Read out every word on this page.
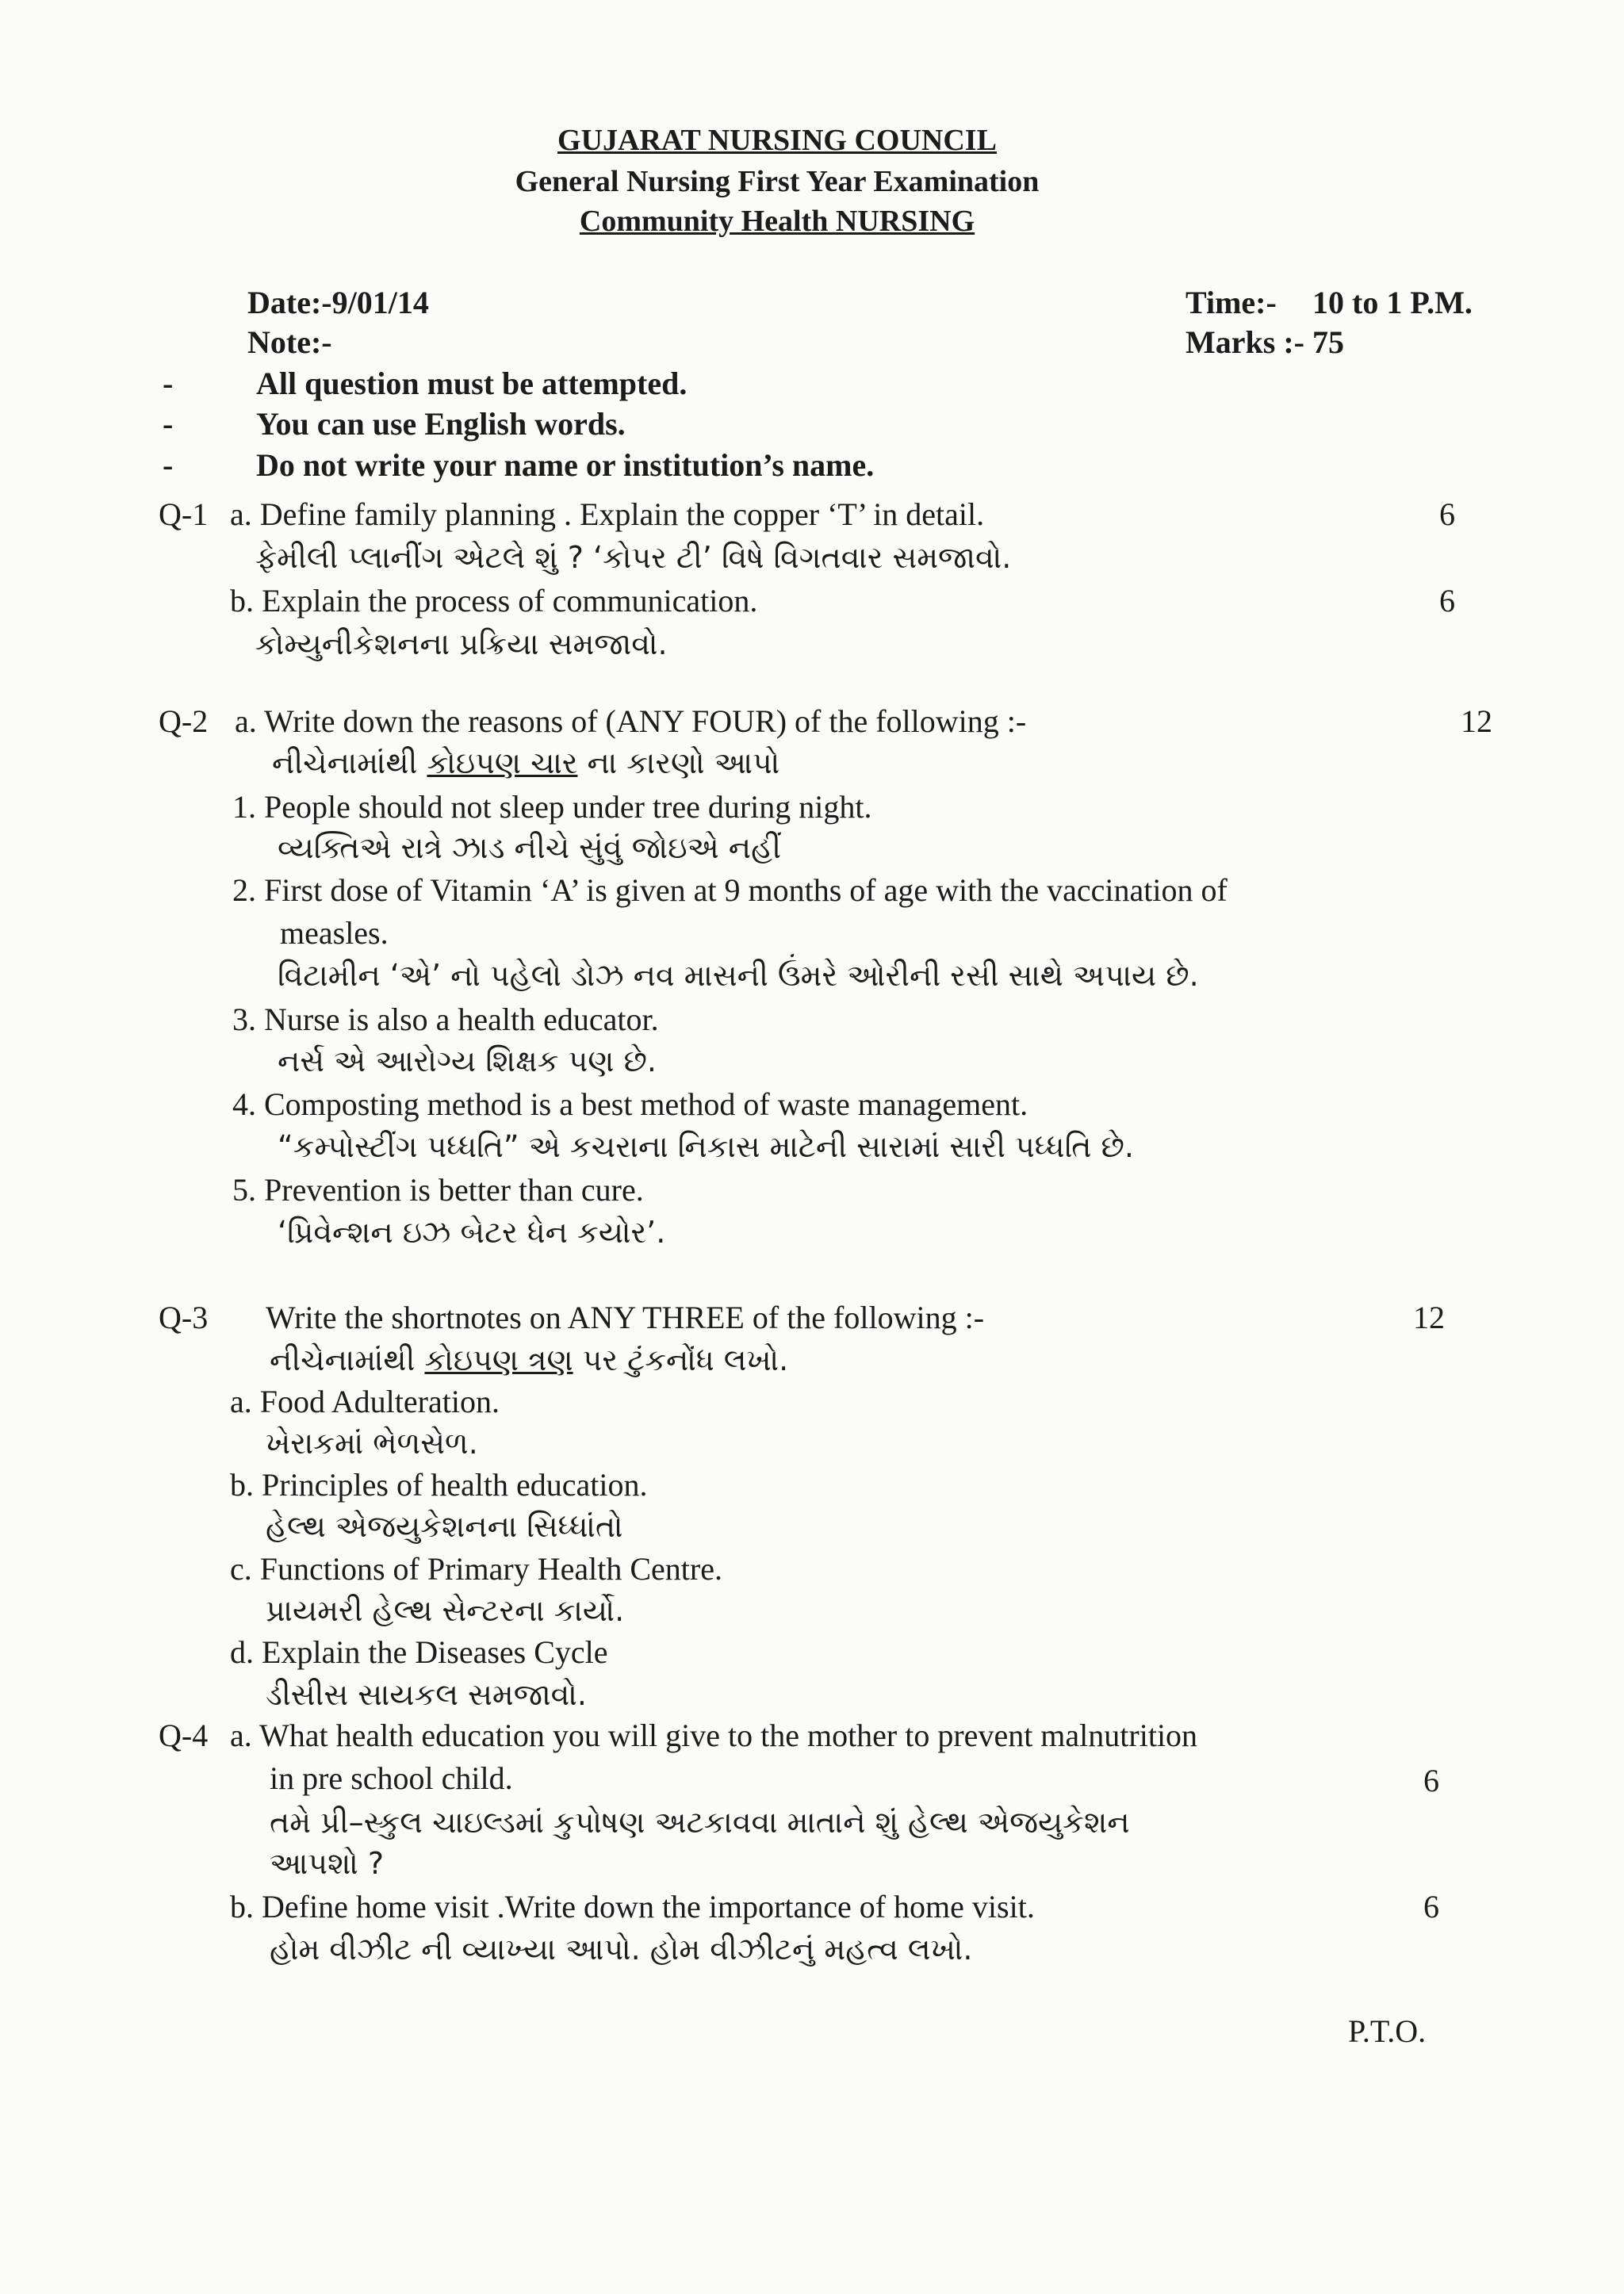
GUJARAT NURSING COUNCIL
General Nursing First Year Examination
Community Health NURSING
Date:-9/01/14	Time:- 10 to 1 P.M.
Note:-	Marks :- 75
-	All question must be attempted.
-	You can use English words.
-	Do not write your name or institution’s name.
Q-1 a. Define family planning . Explain the copper ‘T’ in detail.	6
ફેમીલી પ્લાનીંગ એટલે શું ? ‘કોપર ટી’ વિષે વિગતવાર સમજાવો.
b. Explain the process of communication.	6
કોમ્યુનીકેશનના પ્રક્રિયા સમજાવો.
Q-2 a. Write down the reasons of (ANY FOUR) of the following :-	12
નીચેનામાંથી કોઇપણ ચાર ના કારણો આપો
1. People should not sleep under tree during night.
વ્યક્તિએ રાત્રે ઝાડ નીચે સુંવું જોઇએ નહીં
2. First dose of Vitamin ‘A’ is given at 9 months of age with the vaccination of
measles.
વિટામીન ‘એ’ નો પહેલો ડોઝ નવ માસની ઉંમરે ઓરીની રસી સાથે અપાય છે.
3. Nurse is also a health educator.
નર્સ એ આરોગ્ય શિક્ષક પણ છે.
4. Composting method is a best method of waste management.
“કમ્પોસ્ટીંગ પધ્ધતિ” એ કચરાના નિકાસ માટેની સારામાં સારી પધ્ધતિ છે.
5. Prevention is better than cure.
‘પ્રિવેન્શન ઇઝ બેટર ધેન કયોર’.
Q-3 Write the shortnotes on ANY THREE of the following :-	12
નીચેનામાંથી કોઇપણ ત્રણ પર ટુંકનોંધ લખો.
a. Food Adulteration.
ખેરાકમાં ભેળસેળ.
b. Principles of health education.
હેલ્થ એજયુકેશનના સિધ્ધાંતો
c. Functions of Primary Health Centre.
પ્રાયમરી હેલ્થ સેન્ટરના કાર્યો.
d. Explain the Diseases Cycle
ડીસીસ સાયકલ સમજાવો.
Q-4 a. What health education you will give to the mother to prevent malnutrition
in pre school child.	6
તમે પ્રી–સ્કુલ ચાઇલ્ડમાં કુપોષણ અટકાવવા માતાને શું હેલ્થ એજયુકેશન
આપશો ?
b. Define home visit .Write down the importance of home visit.	6
હોમ વીઝીટ ની વ્યાખ્યા આપો. હોમ વીઝીટનું મહત્વ લખો.
P.T.O.
